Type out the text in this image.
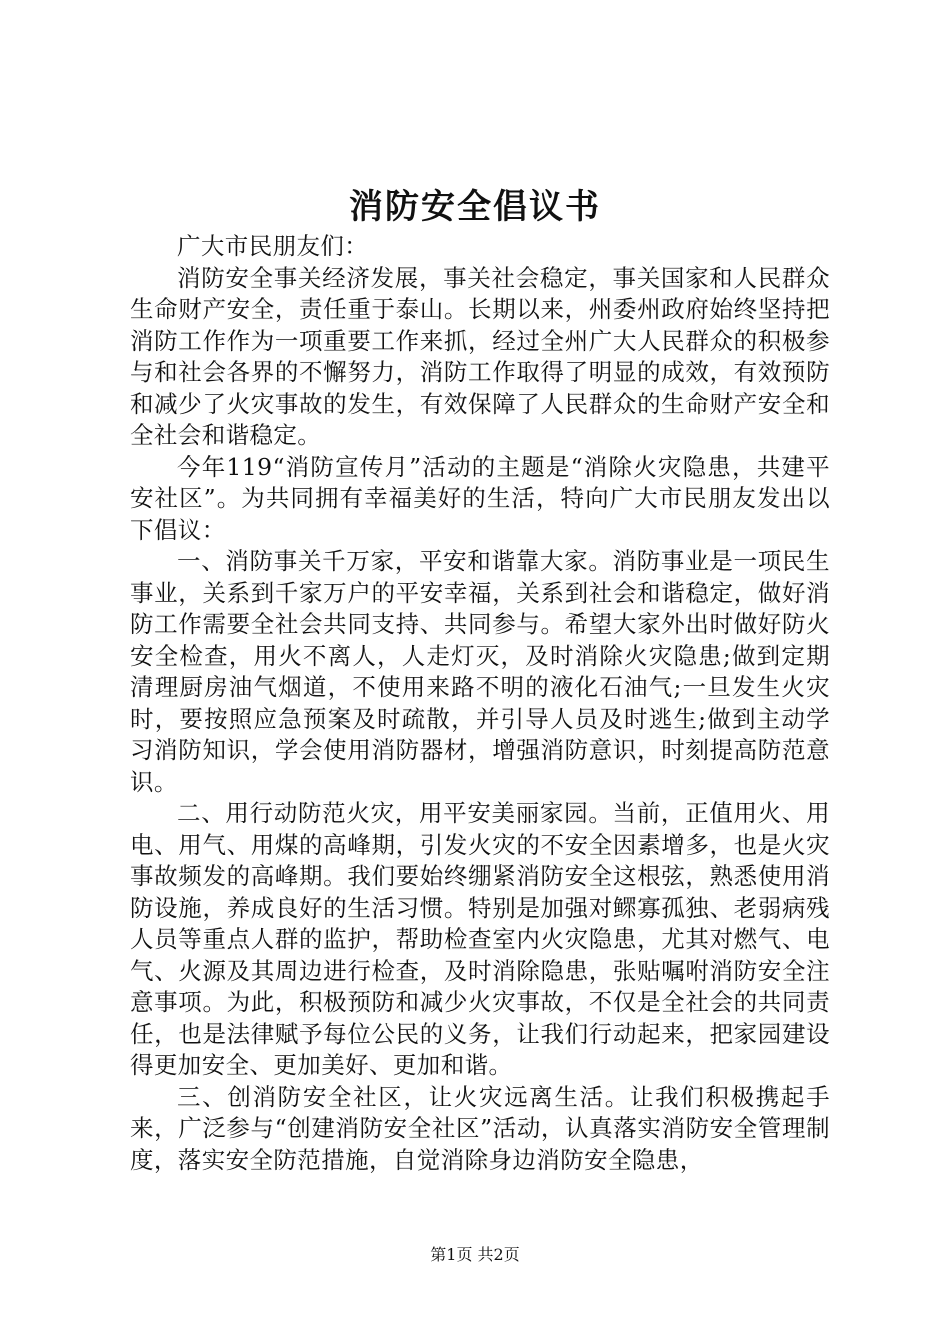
消防安全倡议书

广大市民朋友们：

消防安全事关经济发展，事关社会稳定，事关国家和人民群众生命财产安全，责任重于泰山。长期以来，州委州政府始终坚持把消防工作作为一项重要工作来抓，经过全州广大人民群众的积极参与和社会各界的不懈努力，消防工作取得了明显的成效，有效预防和减少了火灾事故的发生，有效保障了人民群众的生命财产安全和全社会和谐稳定。

今年119“消防宣传月”活动的主题是“消除火灾隐患，共建平安社区”。为共同拥有幸福美好的生活，特向广大市民朋友发出以下倡议：

一、消防事关千万家，平安和谐靠大家。消防事业是一项民生事业，关系到千家万户的平安幸福，关系到社会和谐稳定，做好消防工作需要全社会共同支持、共同参与。希望大家外出时做好防火安全检查，用火不离人，人走灯灭，及时消除火灾隐患;做到定期清理厨房油气烟道，不使用来路不明的液化石油气;一旦发生火灾时，要按照应急预案及时疏散，并引导人员及时逃生;做到主动学习消防知识，学会使用消防器材，增强消防意识，时刻提高防范意识。

二、用行动防范火灾，用平安美丽家园。当前，正值用火、用电、用气、用煤的高峰期，引发火灾的不安全因素增多，也是火灾事故频发的高峰期。我们要始终绷紧消防安全这根弦，熟悉使用消防设施，养成良好的生活习惯。特别是加强对鳏寡孤独、老弱病残人员等重点人群的监护，帮助检查室内火灾隐患，尤其对燃气、电气、火源及其周边进行检查，及时消除隐患，张贴嘱咐消防安全注意事项。为此，积极预防和减少火灾事故，不仅是全社会的共同责任，也是法律赋予每位公民的义务，让我们行动起来，把家园建设得更加安全、更加美好、更加和谐。

三、创消防安全社区，让火灾远离生活。让我们积极携起手来，广泛参与“创建消防安全社区”活动，认真落实消防安全管理制度，落实安全防范措施，自觉消除身边消防安全隐患，

第1页 共2页
